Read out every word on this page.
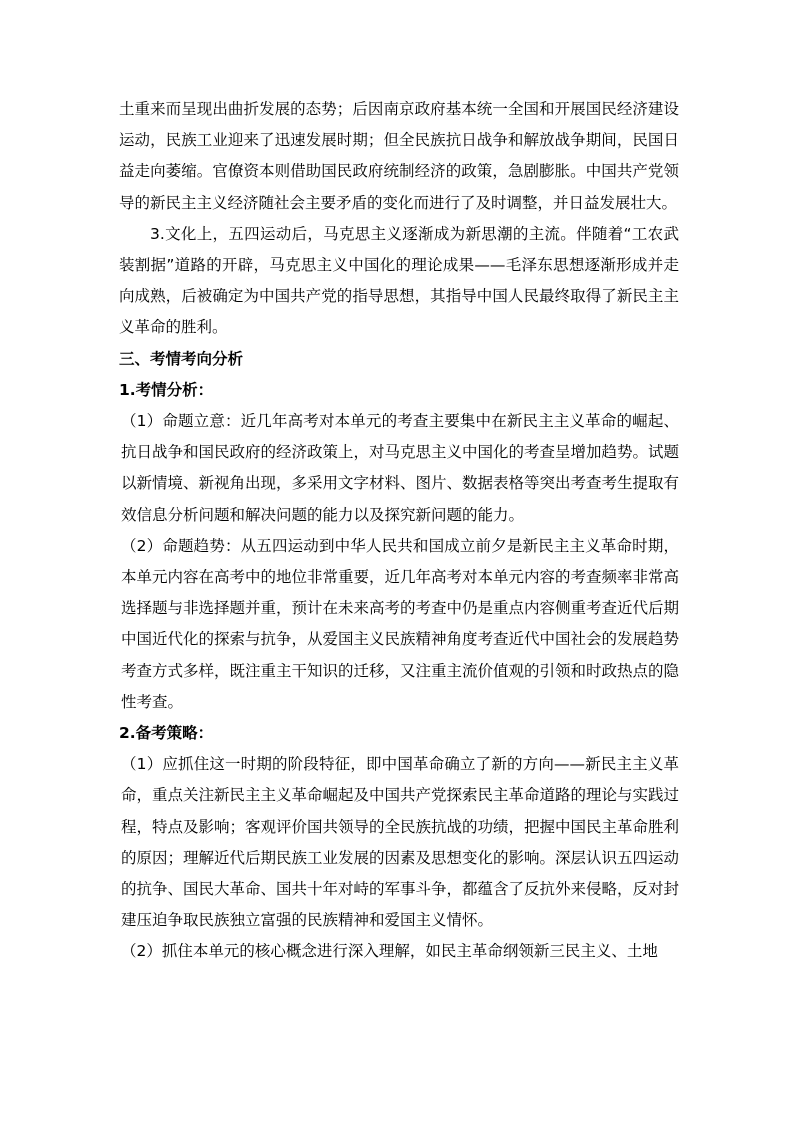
土重来而呈现出曲折发展的态势；后因南京政府基本统一全国和开展国民经济建设运动，民族工业迎来了迅速发展时期；但全民族抗日战争和解放战争期间，民国日益走向萎缩。官僚资本则借助国民政府统制经济的政策，急剧膨胀。中国共产党领导的新民主主义经济随社会主要矛盾的变化而进行了及时调整，并日益发展壮大。

3.文化上，五四运动后，马克思主义逐渐成为新思潮的主流。伴随着“工农武装割据”道路的开辟，马克思主义中国化的理论成果——毛泽东思想逐渐形成并走向成熟，后被确定为中国共产党的指导思想，其指导中国人民最终取得了新民主主义革命的胜利。

三、考情考向分析

1.考情分析：

（1）命题立意：近几年高考对本单元的考查主要集中在新民主主义革命的崛起、抗日战争和国民政府的经济政策上，对马克思主义中国化的考查呈增加趋势。试题以新情境、新视角出现，多采用文字材料、图片、数据表格等突出考查考生提取有效信息分析问题和解决问题的能力以及探究新问题的能力。

（2）命题趋势：从五四运动到中华人民共和国成立前夕是新民主主义革命时期，本单元内容在高考中的地位非常重要，近几年高考对本单元内容的考查频率非常高选择题与非选择题并重，预计在未来高考的考查中仍是重点内容侧重考查近代后期中国近代化的探索与抗争，从爱国主义民族精神角度考查近代中国社会的发展趋势考查方式多样，既注重主干知识的迁移，又注重主流价值观的引领和时政热点的隐性考查。

2.备考策略：

（1）应抓住这一时期的阶段特征，即中国革命确立了新的方向——新民主主义革命，重点关注新民主主义革命崛起及中国共产党探索民主革命道路的理论与实践过程，特点及影响；客观评价国共领导的全民族抗战的功绩，把握中国民主革命胜利的原因；理解近代后期民族工业发展的因素及思想变化的影响。深层认识五四运动的抗争、国民大革命、国共十年对峙的军事斗争，都蕴含了反抗外来侵略，反对封建压迫争取民族独立富强的民族精神和爱国主义情怀。

（2）抓住本单元的核心概念进行深入理解，如民主革命纲领新三民主义、土地
